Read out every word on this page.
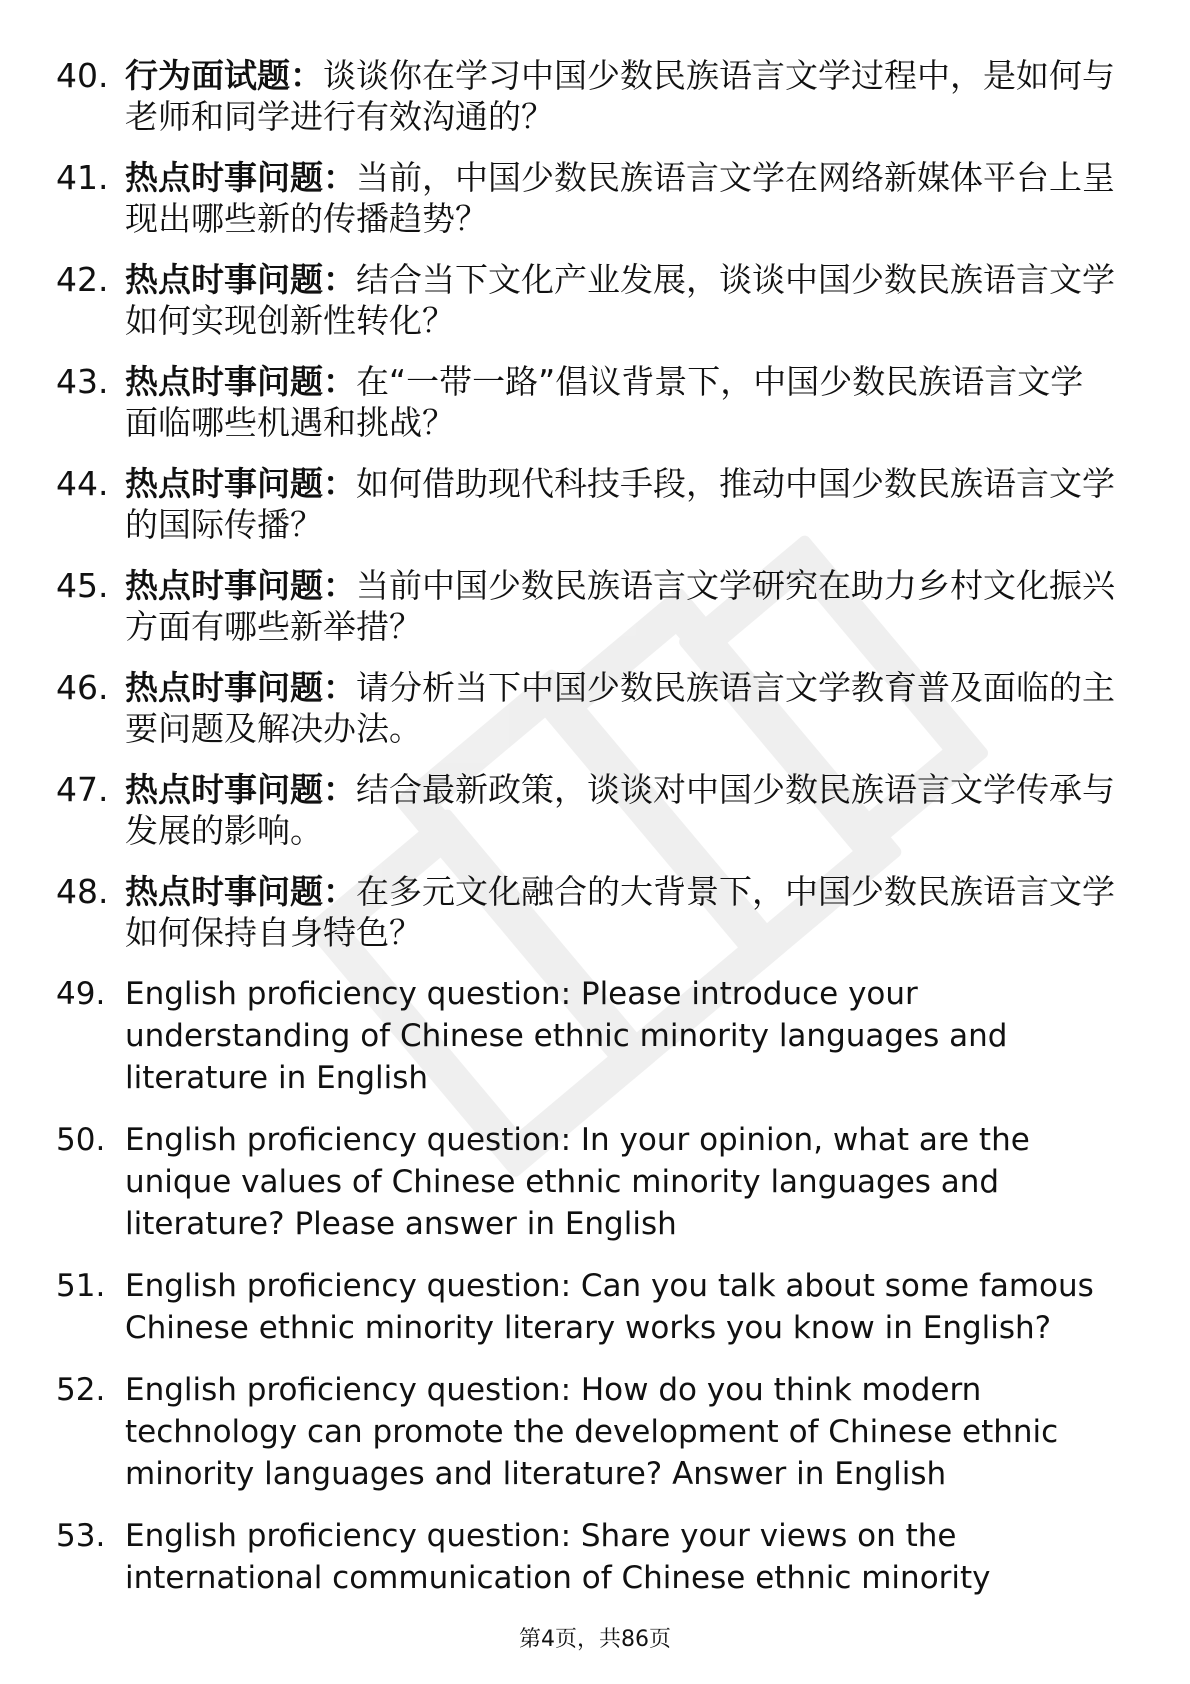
40. 行为面试题：谈谈你在学习中国少数民族语言文学过程中，是如何与老师和同学进行有效沟通的？
41. 热点时事问题：当前，中国少数民族语言文学在网络新媒体平台上呈现出哪些新的传播趋势？
42. 热点时事问题：结合当下文化产业发展，谈谈中国少数民族语言文学如何实现创新性转化？
43. 热点时事问题：在“一带一路”倡议背景下，中国少数民族语言文学面临哪些机遇和挑战？
44. 热点时事问题：如何借助现代科技手段，推动中国少数民族语言文学的国际传播？
45. 热点时事问题：当前中国少数民族语言文学研究在助力乡村文化振兴方面有哪些新举措？
46. 热点时事问题：请分析当下中国少数民族语言文学教育普及面临的主要问题及解决办法。
47. 热点时事问题：结合最新政策，谈谈对中国少数民族语言文学传承与发展的影响。
48. 热点时事问题：在多元文化融合的大背景下，中国少数民族语言文学如何保持自身特色？
49. English proficiency question: Please introduce your understanding of Chinese ethnic minority languages and literature in English
50. English proficiency question: In your opinion, what are the unique values of Chinese ethnic minority languages and literature? Please answer in English
51. English proficiency question: Can you talk about some famous Chinese ethnic minority literary works you know in English?
52. English proficiency question: How do you think modern technology can promote the development of Chinese ethnic minority languages and literature? Answer in English
53. English proficiency question: Share your views on the international communication of Chinese ethnic minority
第4页，共86页
